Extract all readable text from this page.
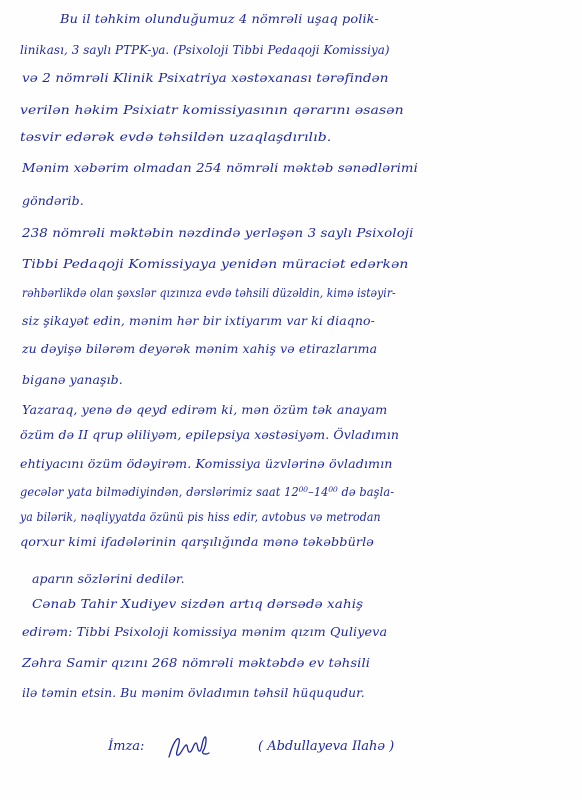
Bu il təhkim olunduğumuz 4 nömrəli uşaq polik-
linikası, 3 saylı PTPK-ya. (Psixoloji Tibbi Pedaqoji Komissiya)
və 2 nömrəli Klinik Psixatriya xəstəxanası tərəfindən
verilən həkim Psixiatr komissiyasının qərarını əsasən
təsvir edərək evdə təhsildən uzaqlaşdırılıb.
Mənim xəbərim olmadan 254 nömrəli məktəb sənədlərimi
göndərib.
238 nömrəli məktəbin nəzdində yerləşən 3 saylı Psixoloji
Tibbi Pedaqoji Komissiyaya yenidən müraciət edərkən
rəhbərlikdə olan şəxslər qızınıza evdə təhsili düzəldin, kimə istəyir-
siz şikayət edin, mənim hər bir ixtiyarım var ki diaqno-
zu dəyişə bilərəm deyərək mənim xahiş və etirazlarıma
biganə yanaşıb.
Yazaraq, yenə də qeyd edirəm ki, mən özüm tək anayam
özüm də II qrup əliliyəm, epilepsiya xəstəsiyəm. Övladımın
ehtiyacını özüm ödəyirəm. Komissiya üzvlərinə övladımın
gecələr yata bilmədiyindən, dərslərimiz saat 12⁰⁰–14⁰⁰ də başla-
ya bilərik, nəqliyyatda özünü pis hiss edir, avtobus və metrodan
qorxur kimi ifadələrinin qarşılığında mənə təkəbbürlə
aparın sözlərini dedilər.
Cənab Tahir Xudiyev sizdən artıq dərsədə xahiş
edirəm: Tibbi Psixoloji komissiya mənim qızım Quliyeva
Zəhra Samir qızını 268 nömrəli məktəbdə ev təhsili
ilə təmin etsin. Bu mənim övladımın təhsil hüququdur.
İmza:	( Abdullayeva Ilahə )
